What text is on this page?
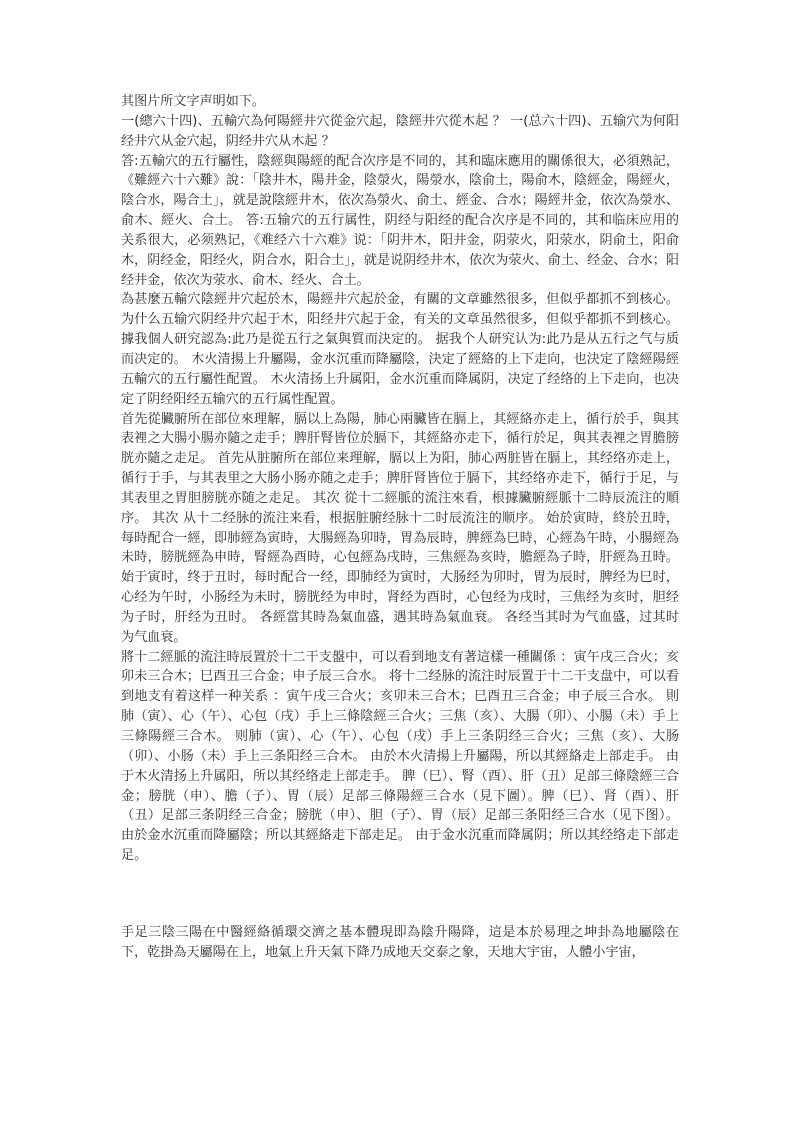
其图片所文字声明如下。

一(總六十四)、五輸穴為何陽經井穴從金穴起，陰經井穴從木起 ？ 一(总六十四)、五输穴为何阳经井穴从金穴起，阴经井穴从木起 ？

答:五輸穴的五行屬性，陰經與陽經的配合次序是不同的，其和臨床應用的關係很大，必須熟記，《難經六十六難》說：「陰井木，陽井金，陰滎火，陽滎水，陰俞土，陽俞木，陰經金，陽經火，陰合水，陽合土」，就是說陰經井木，依次為滎火、俞土、經金、合水；陽經井金，依次為滎水、俞木、經火、合土。 答:五输穴的五行属性，阴经与阳经的配合次序是不同的，其和临床应用的关系很大，必须熟记，《难经六十六难》说：「阴井木，阳井金，阴荥火，阳荥水，阴俞土，阳俞木，阴经金，阳经火，阴合水，阳合土」，就是说阴经井木，依次为荥火、俞土、经金、合水；阳经井金，依次为荥水、俞木、经火、合土。

為甚麼五輸穴陰經井穴起於木，陽經井穴起於金，有關的文章雖然很多，但似乎都抓不到核心。 为什么五输穴阴经井穴起于木，阳经井穴起于金，有关的文章虽然很多，但似乎都抓不到核心。 據我個人研究認為:此乃是從五行之氣與質而決定的。 据我个人研究认为:此乃是从五行之气与质而决定的。 木火清揚上升屬陽，金水沉重而降屬陰，決定了經絡的上下走向，也決定了陰經陽經五輸穴的五行屬性配置。 木火清扬上升属阳，金水沉重而降属阴，决定了经络的上下走向，也决定了阴经阳经五输穴的五行属性配置。

首先從臟腑所在部位來理解，膈以上為陽，肺心兩臟皆在膈上，其經絡亦走上，循行於手，與其表裡之大腸小腸亦隨之走手；脾肝腎皆位於膈下，其經絡亦走下，循行於足，與其表裡之胃膽膀胱亦隨之走足。 首先从脏腑所在部位来理解，膈以上为阳，肺心两脏皆在膈上，其经络亦走上，循行于手，与其表里之大肠小肠亦随之走手；脾肝肾皆位于膈下，其经络亦走下，循行于足，与其表里之胃胆膀胱亦随之走足。 其次 從十二經脈的流注來看，根據臟腑經脈十二時辰流注的順序。 其次 从十二经脉的流注来看，根据脏腑经脉十二时辰流注的顺序。 始於寅時，終於丑時，每時配合一經，即肺經為寅時，大腸經為卯時，胃為辰時，脾經為巳時，心經為午時，小腸經為未時，膀胱經為申時，腎經為酉時，心包經為戌時，三焦經為亥時，膽經為子時，肝經為丑時。 始于寅时，终于丑时，每时配合一经，即肺经为寅时，大肠经为卯时，胃为辰时，脾经为巳时，心经为午时，小肠经为未时，膀胱经为申时，肾经为酉时，心包经为戌时，三焦经为亥时，胆经为子时，肝经为丑时。 各經當其時為氣血盛，遇其時為氣血衰。 各经当其时为气血盛，过其时为气血衰。

將十二經脈的流注時辰置於十二干支盤中，可以看到地支有著這樣一種關係 ：寅午戌三合火；亥卯未三合木；巳酉丑三合金；申子辰三合水。 将十二经脉的流注时辰置于十二干支盘中，可以看到地支有着这样一种关系 ：寅午戌三合火；亥卯未三合木；巳酉丑三合金；申子辰三合水。 則肺（寅）、心（午）、心包（戌）手上三條陰經三合火；三焦（亥）、大腸（卯）、小腸（未）手上三條陽經三合木。 则肺（寅）、心（午）、心包（戌）手上三条阴经三合火；三焦（亥）、大肠（卯）、小肠（未）手上三条阳经三合木。 由於木火清揚上升屬陽，所以其經絡走上部走手。 由于木火清扬上升属阳，所以其经络走上部走手。 脾（巳）、腎（酉）、肝（丑）足部三條陰經三合金；膀胱（申）、膽（子）、胃（辰）足部三條陽經三合水（見下圖）。脾（巳）、肾（酉）、肝（丑）足部三条阴经三合金；膀胱（申）、胆（子）、胃（辰）足部三条阳经三合水（见下图）。 由於金水沉重而降屬陰；所以其經絡走下部走足。 由于金水沉重而降属阴；所以其经络走下部走足。

手足三陰三陽在中醫經絡循環交濟之基本體現即為陰升陽降，這是本於易理之坤卦為地屬陰在下，乾掛為天屬陽在上，地氣上升天氣下降乃成地天交泰之象，天地大宇宙，人體小宇宙，
